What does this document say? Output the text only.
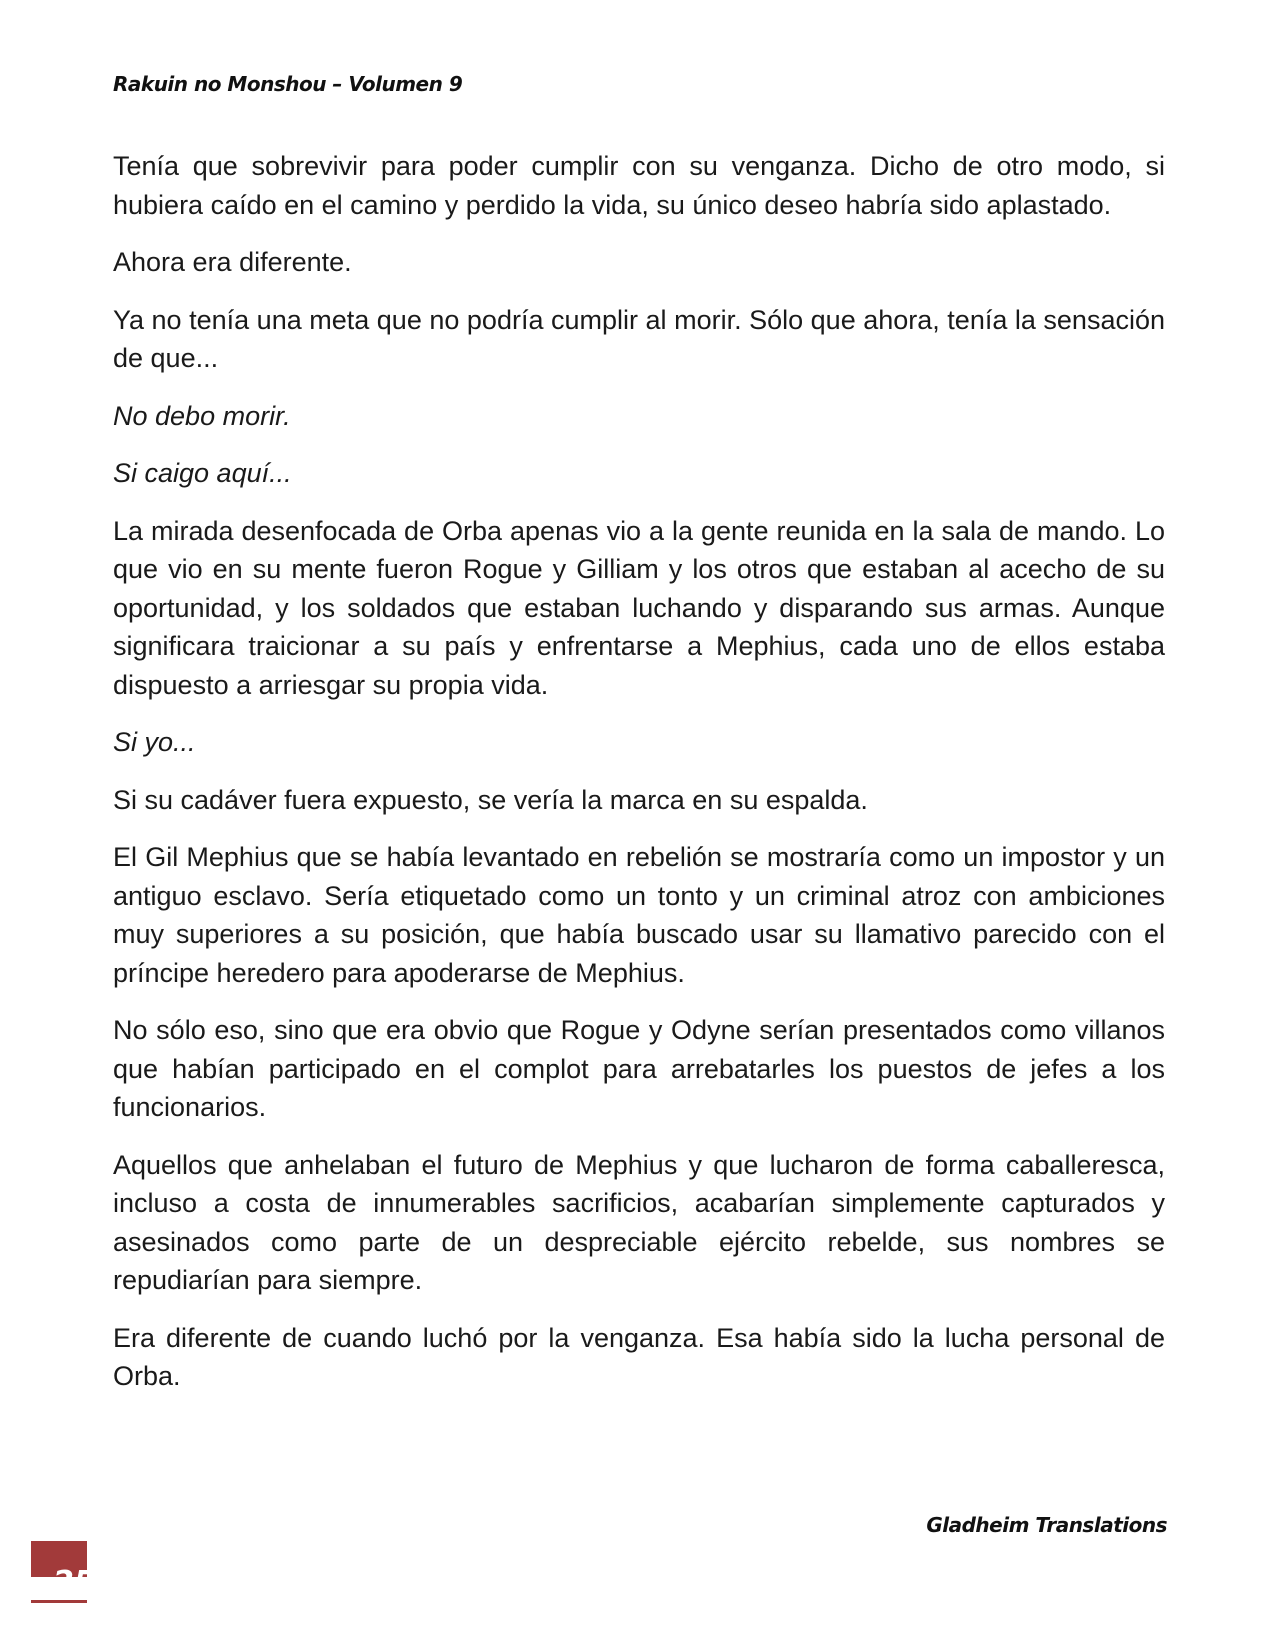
Rakuin no Monshou – Volumen 9

Tenía que sobrevivir para poder cumplir con su venganza. Dicho de otro modo, si hubiera caído en el camino y perdido la vida, su único deseo habría sido aplastado.

Ahora era diferente.

Ya no tenía una meta que no podría cumplir al morir. Sólo que ahora, tenía la sensación de que...

No debo morir.

Si caigo aquí...

La mirada desenfocada de Orba apenas vio a la gente reunida en la sala de mando. Lo que vio en su mente fueron Rogue y Gilliam y los otros que estaban al acecho de su oportunidad, y los soldados que estaban luchando y disparando sus armas. Aunque significara traicionar a su país y enfrentarse a Mephius, cada uno de ellos estaba dispuesto a arriesgar su propia vida.

Si yo...

Si su cadáver fuera expuesto, se vería la marca en su espalda.

El Gil Mephius que se había levantado en rebelión se mostraría como un impostor y un antiguo esclavo. Sería etiquetado como un tonto y un criminal atroz con ambiciones muy superiores a su posición, que había buscado usar su llamativo parecido con el príncipe heredero para apoderarse de Mephius.

No sólo eso, sino que era obvio que Rogue y Odyne serían presentados como villanos que habían participado en el complot para arrebatarles los puestos de jefes a los funcionarios.

Aquellos que anhelaban el futuro de Mephius y que lucharon de forma caballeresca, incluso a costa de innumerables sacrificios, acabarían simplemente capturados y asesinados como parte de un despreciable ejército rebelde, sus nombres se repudiarían para siempre.

Era diferente de cuando luchó por la venganza. Esa había sido la lucha personal de Orba.

Gladheim Translations
25
